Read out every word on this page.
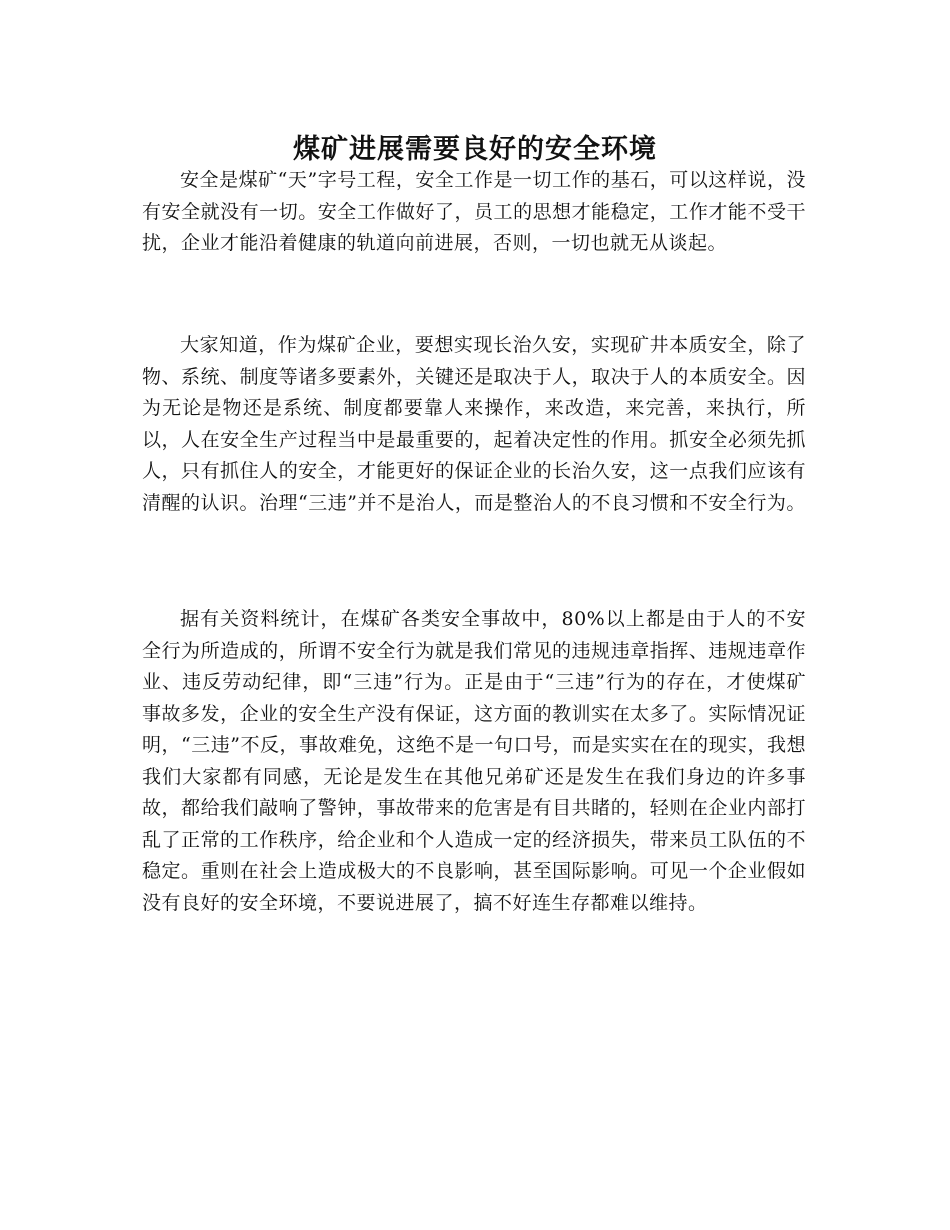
煤矿进展需要良好的安全环境

安全是煤矿“天”字号工程，安全工作是一切工作的基石，可以这样说，没有安全就没有一切。安全工作做好了，员工的思想才能稳定，工作才能不受干扰，企业才能沿着健康的轨道向前进展，否则，一切也就无从谈起。

大家知道，作为煤矿企业，要想实现长治久安，实现矿井本质安全，除了物、系统、制度等诸多要素外，关键还是取决于人，取决于人的本质安全。因为无论是物还是系统、制度都要靠人来操作，来改造，来完善，来执行，所以，人在安全生产过程当中是最重要的，起着决定性的作用。抓安全必须先抓人，只有抓住人的安全，才能更好的保证企业的长治久安，这一点我们应该有清醒的认识。治理“三违”并不是治人，而是整治人的不良习惯和不安全行为。

据有关资料统计，在煤矿各类安全事故中，80%以上都是由于人的不安全行为所造成的，所谓不安全行为就是我们常见的违规违章指挥、违规违章作业、违反劳动纪律，即“三违”行为。正是由于“三违”行为的存在，才使煤矿事故多发，企业的安全生产没有保证，这方面的教训实在太多了。实际情况证明，“三违”不反，事故难免，这绝不是一句口号，而是实实在在的现实，我想我们大家都有同感，无论是发生在其他兄弟矿还是发生在我们身边的许多事故，都给我们敲响了警钟，事故带来的危害是有目共睹的，轻则在企业内部打乱了正常的工作秩序，给企业和个人造成一定的经济损失，带来员工队伍的不稳定。重则在社会上造成极大的不良影响，甚至国际影响。可见一个企业假如没有良好的安全环境，不要说进展了，搞不好连生存都难以维持。
